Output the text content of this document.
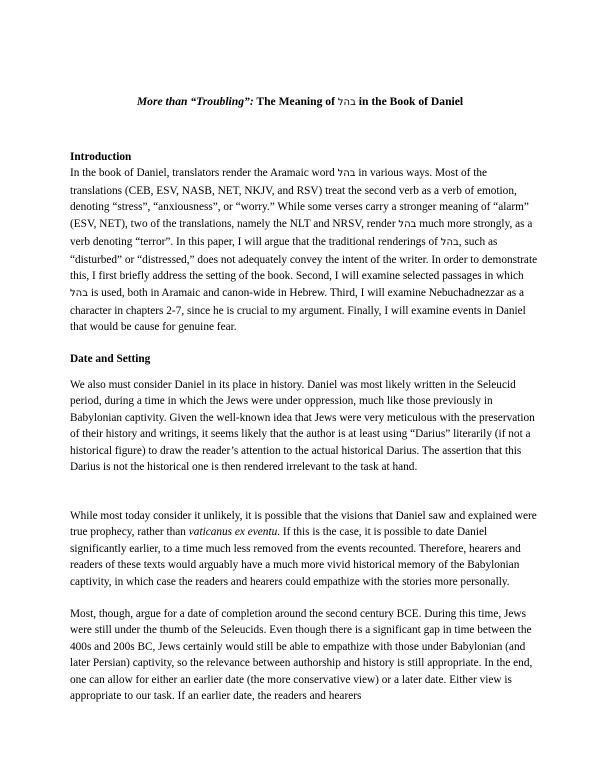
More than “Troubling”: The Meaning of בהל in the Book of Daniel
Introduction

In the book of Daniel, translators render the Aramaic word בהל in various ways. Most of the translations (CEB, ESV, NASB, NET, NKJV, and RSV) treat the second verb as a verb of emotion, denoting “stress”, “anxiousness”, or “worry.” While some verses carry a stronger meaning of “alarm” (ESV, NET), two of the translations, namely the NLT and NRSV, render בהל much more strongly, as a verb denoting “terror”. In this paper, I will argue that the traditional renderings of בהל, such as “disturbed” or “distressed,” does not adequately convey the intent of the writer. In order to demonstrate this, I first briefly address the setting of the book. Second, I will examine selected passages in which בהל is used, both in Aramaic and canon-wide in Hebrew. Third, I will examine Nebuchadnezzar as a character in chapters 2-7, since he is crucial to my argument. Finally, I will examine events in Daniel that would be cause for genuine fear.

Date and Setting

We also must consider Daniel in its place in history. Daniel was most likely written in the Seleucid period, during a time in which the Jews were under oppression, much like those previously in Babylonian captivity. Given the well-known idea that Jews were very meticulous with the preservation of their history and writings, it seems likely that the author is at least using “Darius” literarily (if not a historical figure) to draw the reader’s attention to the actual historical Darius. The assertion that this Darius is not the historical one is then rendered irrelevant to the task at hand.

While most today consider it unlikely, it is possible that the visions that Daniel saw and explained were true prophecy, rather than vaticanus ex eventu. If this is the case, it is possible to date Daniel significantly earlier, to a time much less removed from the events recounted. Therefore, hearers and readers of these texts would arguably have a much more vivid historical memory of the Babylonian captivity, in which case the readers and hearers could empathize with the stories more personally.

Most, though, argue for a date of completion around the second century BCE. During this time, Jews were still under the thumb of the Seleucids. Even though there is a significant gap in time between the 400s and 200s BC, Jews certainly would still be able to empathize with those under Babylonian (and later Persian) captivity, so the relevance between authorship and history is still appropriate. In the end, one can allow for either an earlier date (the more conservative view) or a later date. Either view is appropriate to our task. If an earlier date, the readers and hearers
